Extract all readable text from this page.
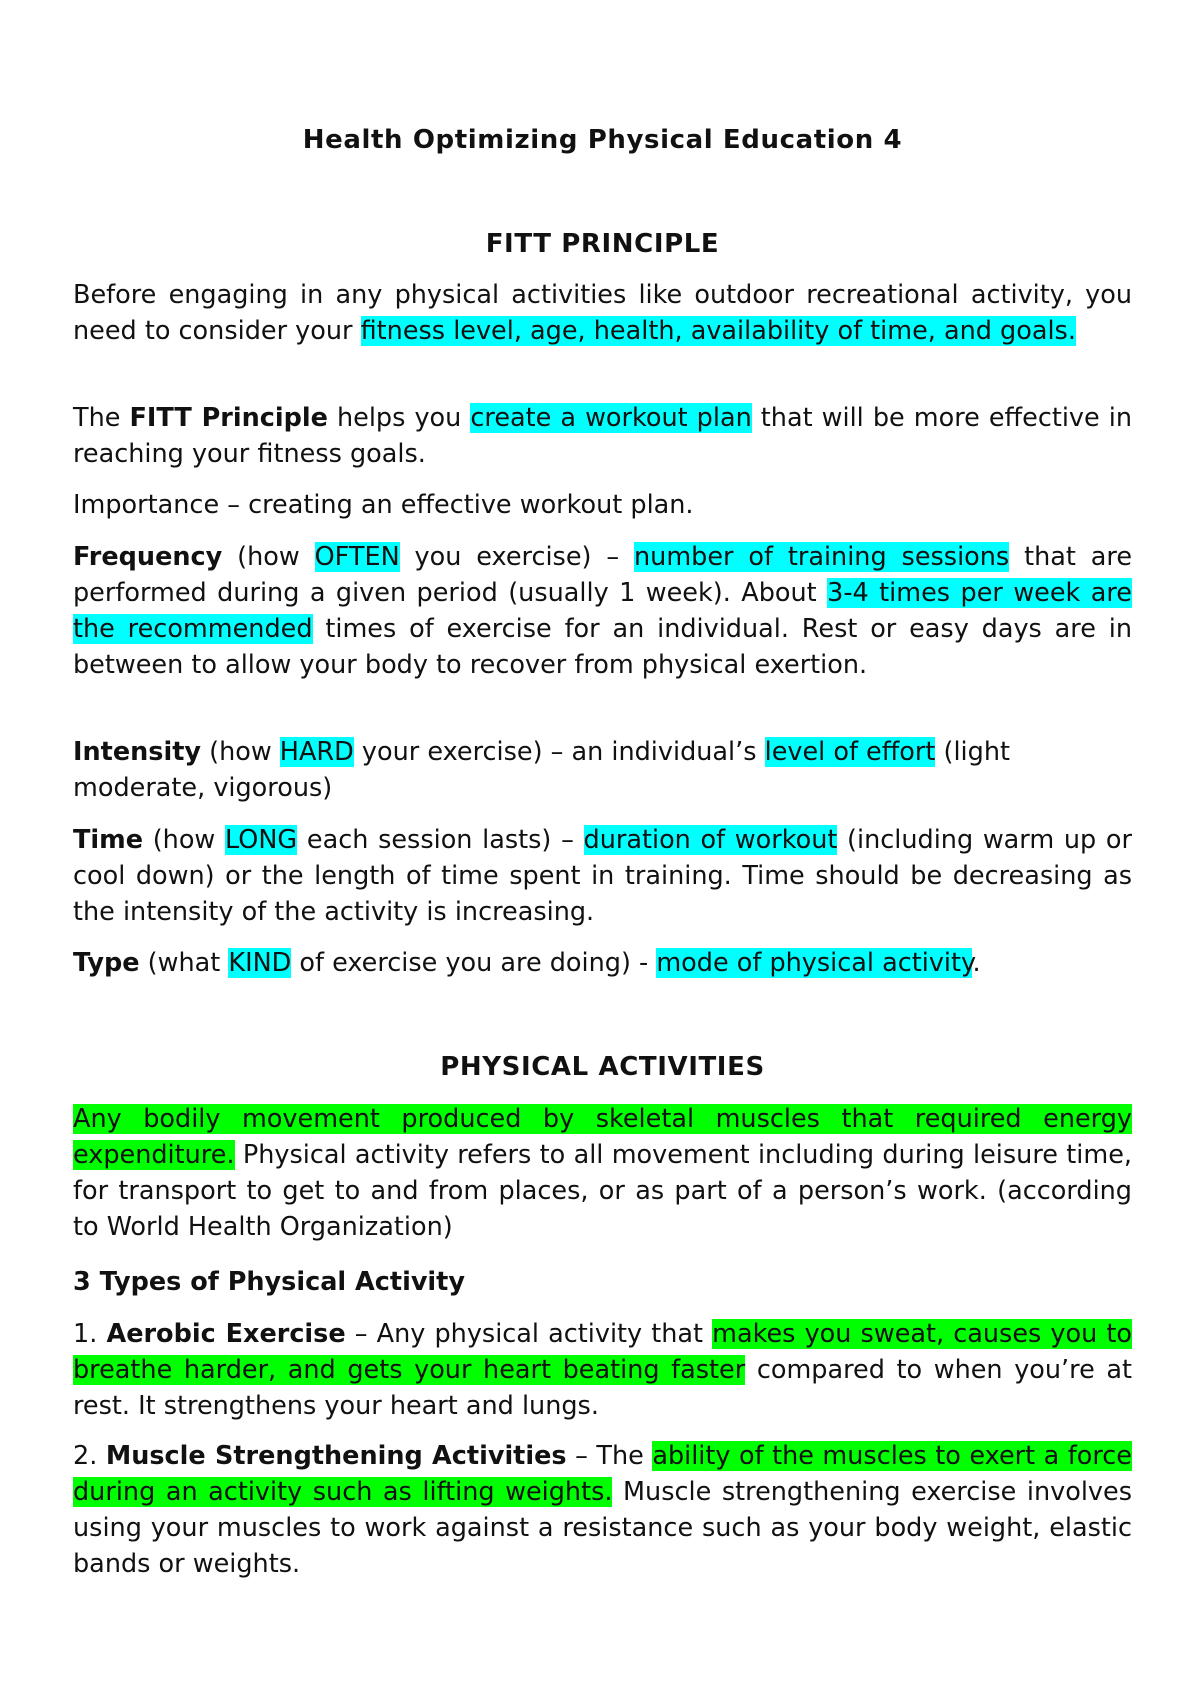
Health Optimizing Physical Education 4
FITT PRINCIPLE

Before engaging in any physical activities like outdoor recreational activity, you need to consider your fitness level, age, health, availability of time, and goals.

The FITT Principle helps you create a workout plan that will be more effective in reaching your fitness goals.

Importance – creating an effective workout plan.

Frequency (how OFTEN you exercise) – number of training sessions that are performed during a given period (usually 1 week). About 3-4 times per week are the recommended times of exercise for an individual. Rest or easy days are in between to allow your body to recover from physical exertion.

Intensity (how HARD your exercise) – an individual’s level of effort (light moderate, vigorous)

Time (how LONG each session lasts) – duration of workout (including warm up or cool down) or the length of time spent in training. Time should be decreasing as the intensity of the activity is increasing.

Type (what KIND of exercise you are doing) - mode of physical activity.

PHYSICAL ACTIVITIES

Any bodily movement produced by skeletal muscles that required energy expenditure. Physical activity refers to all movement including during leisure time, for transport to get to and from places, or as part of a person’s work. (according to World Health Organization)

3 Types of Physical Activity

1. Aerobic Exercise – Any physical activity that makes you sweat, causes you to breathe harder, and gets your heart beating faster compared to when you’re at rest. It strengthens your heart and lungs.

2. Muscle Strengthening Activities – The ability of the muscles to exert a force during an activity such as lifting weights. Muscle strengthening exercise involves using your muscles to work against a resistance such as your body weight, elastic bands or weights.
